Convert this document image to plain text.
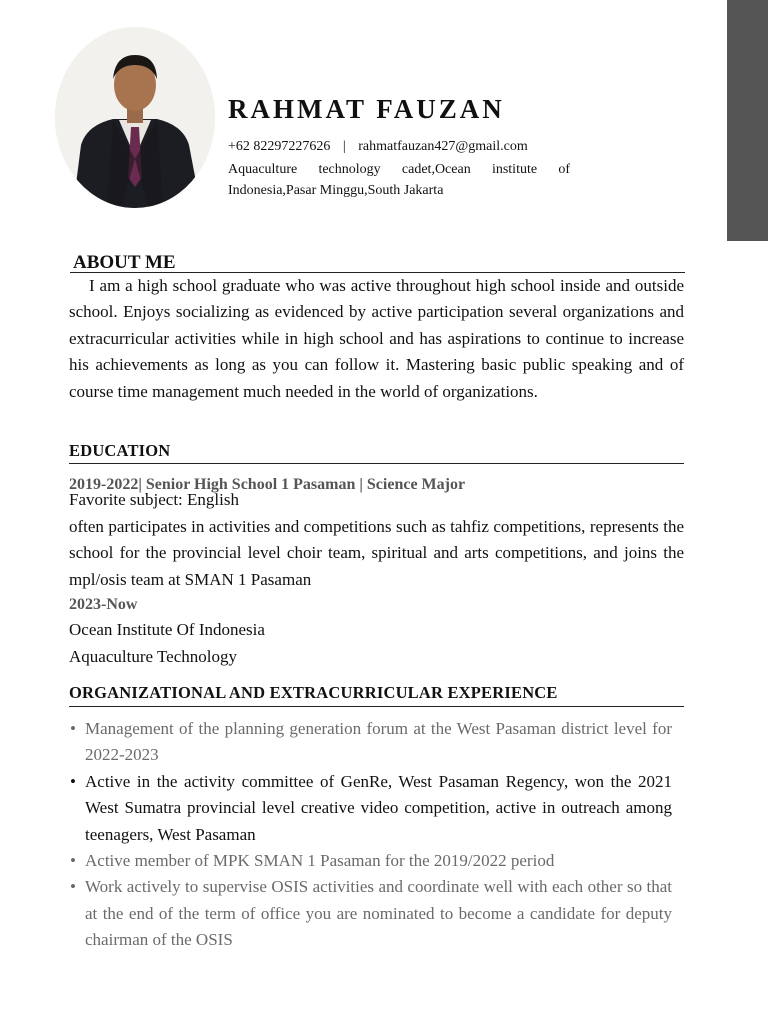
RAHMAT FAUZAN
+62 82297227626 | rahmatfauzan427@gmail.com
Aquaculture technology cadet,Ocean institute of
Indonesia,Pasar Minggu,South Jakarta
ABOUT ME

I am a high school graduate who was active throughout high school inside and outside school. Enjoys socializing as evidenced by active participation several organizations and extracurricular activities while in high school and has aspirations to continue to increase his achievements as long as you can follow it. Mastering basic public speaking and of course time management much needed in the world of organizations.

EDUCATION
2019-2022| Senior High School 1 Pasaman | Science Major
Favorite subject: English

often participates in activities and competitions such as tahfiz competitions, represents the school for the provincial level choir team, spiritual and arts competitions, and joins the mpl/osis team at SMAN 1 Pasaman

2023-Now
Ocean Institute Of Indonesia
Aquaculture Technology
ORGANIZATIONAL AND EXTRACURRICULAR EXPERIENCE
• Management of the planning generation forum at the West Pasaman district level for 2022-2023
• Active in the activity committee of GenRe, West Pasaman Regency, won the 2021 West Sumatra provincial level creative video competition, active in outreach among teenagers, West Pasaman
• Active member of MPK SMAN 1 Pasaman for the 2019/2022 period
• Work actively to supervise OSIS activities and coordinate well with each other so that at the end of the term of office you are nominated to become a candidate for deputy chairman of the OSIS
